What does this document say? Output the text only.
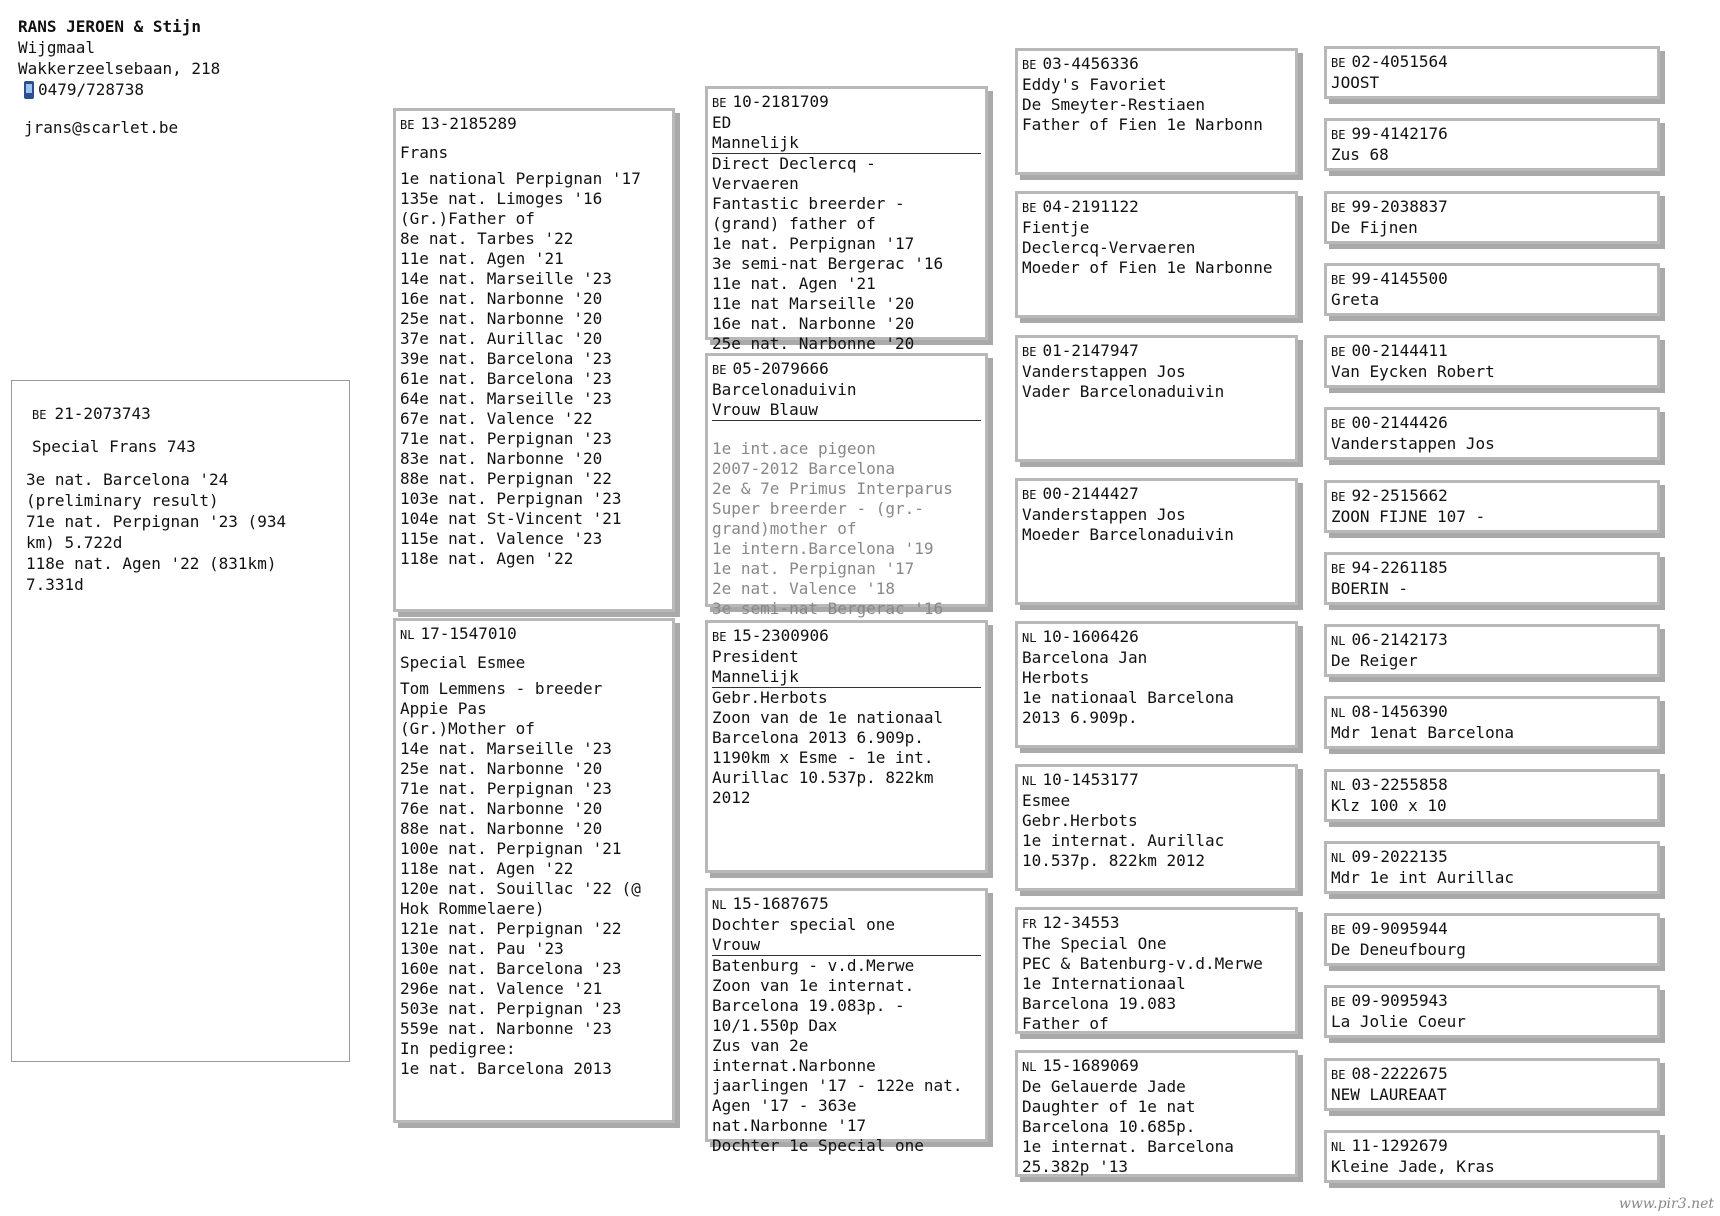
RANS JEROEN & Stijn
Wijgmaal
Wakkerzeelsebaan, 218
0479/728738
jrans@scarlet.be
BE 21-2073743
Special Frans 743
3e nat. Barcelona '24
(preliminary result)
71e nat. Perpignan '23 (934
km) 5.722d
118e nat. Agen '22 (831km)
7.331d
BE 13-2185289
Frans
1e national Perpignan '17
135e nat. Limoges '16
(Gr.)Father of
8e nat. Tarbes '22
11e nat. Agen '21
14e nat. Marseille '23
16e nat. Narbonne '20
25e nat. Narbonne '20
37e nat. Aurillac '20
39e nat. Barcelona '23
61e nat. Barcelona '23
64e nat. Marseille '23
67e nat. Valence '22
71e nat. Perpignan '23
83e nat. Narbonne '20
88e nat. Perpignan '22
103e nat. Perpignan '23
104e nat St-Vincent '21
115e nat. Valence '23
118e nat. Agen '22
NL 17-1547010
Special Esmee
Tom Lemmens - breeder
Appie Pas
(Gr.)Mother of
14e nat. Marseille '23
25e nat. Narbonne '20
71e nat. Perpignan '23
76e nat. Narbonne '20
88e nat. Narbonne '20
100e nat. Perpignan '21
118e nat. Agen '22
120e nat. Souillac '22 (@
Hok Rommelaere)
121e nat. Perpignan '22
130e nat. Pau '23
160e nat. Barcelona '23
296e nat. Valence '21
503e nat. Perpignan '23
559e nat. Narbonne '23
In pedigree:
1e nat. Barcelona 2013
BE 10-2181709
ED
Mannelijk
Direct Declercq -
Vervaeren
Fantastic breerder -
(grand) father of
1e nat. Perpignan '17
3e semi-nat Bergerac '16
11e nat. Agen '21
11e nat Marseille '20
16e nat. Narbonne '20
25e nat. Narbonne '20
BE 05-2079666
Barcelonaduivin
Vrouw Blauw
1e int.ace pigeon
2007-2012 Barcelona
2e & 7e Primus Interparus
Super breerder - (gr.-
grand)mother of
1e intern.Barcelona '19
1e nat. Perpignan '17
2e nat. Valence '18
3e semi-nat Bergerac '16
BE 15-2300906
President
Mannelijk
Gebr.Herbots
Zoon van de 1e nationaal
Barcelona 2013 6.909p.
1190km x Esme - 1e int.
Aurillac 10.537p. 822km
2012
NL 15-1687675
Dochter special one
Vrouw
Batenburg - v.d.Merwe
Zoon van 1e internat.
Barcelona 19.083p. -
10/1.550p Dax
Zus van 2e
internat.Narbonne
jaarlingen '17 - 122e nat.
Agen '17 - 363e
nat.Narbonne '17
Dochter 1e Special one
BE 03-4456336
Eddy's Favoriet
De Smeyter-Restiaen
Father of Fien 1e Narbonn
BE 04-2191122
Fientje
Declercq-Vervaeren
Moeder of Fien 1e Narbonne
BE 01-2147947
Vanderstappen Jos
Vader Barcelonaduivin
BE 00-2144427
Vanderstappen Jos
Moeder Barcelonaduivin
NL 10-1606426
Barcelona Jan
Herbots
1e nationaal Barcelona
2013 6.909p.
NL 10-1453177
Esmee
Gebr.Herbots
1e internat. Aurillac
10.537p. 822km 2012
FR 12-34553
The Special One
PEC & Batenburg-v.d.Merwe
1e Internationaal
Barcelona 19.083
Father of
NL 15-1689069
De Gelauerde Jade
Daughter of 1e nat
Barcelona 10.685p.
1e internat. Barcelona
25.382p '13
BE 02-4051564
JOOST
BE 99-4142176
Zus 68
BE 99-2038837
De Fijnen
BE 99-4145500
Greta
BE 00-2144411
Van Eycken Robert
BE 00-2144426
Vanderstappen Jos
BE 92-2515662
ZOON FIJNE 107 -
BE 94-2261185
BOERIN -
NL 06-2142173
De Reiger
NL 08-1456390
Mdr 1enat Barcelona
NL 03-2255858
Klz 100 x 10
NL 09-2022135
Mdr 1e int Aurillac
BE 09-9095944
De Deneufbourg
BE 09-9095943
La Jolie Coeur
BE 08-2222675
NEW LAUREAAT
NL 11-1292679
Kleine Jade, Kras
www.pir3.net
